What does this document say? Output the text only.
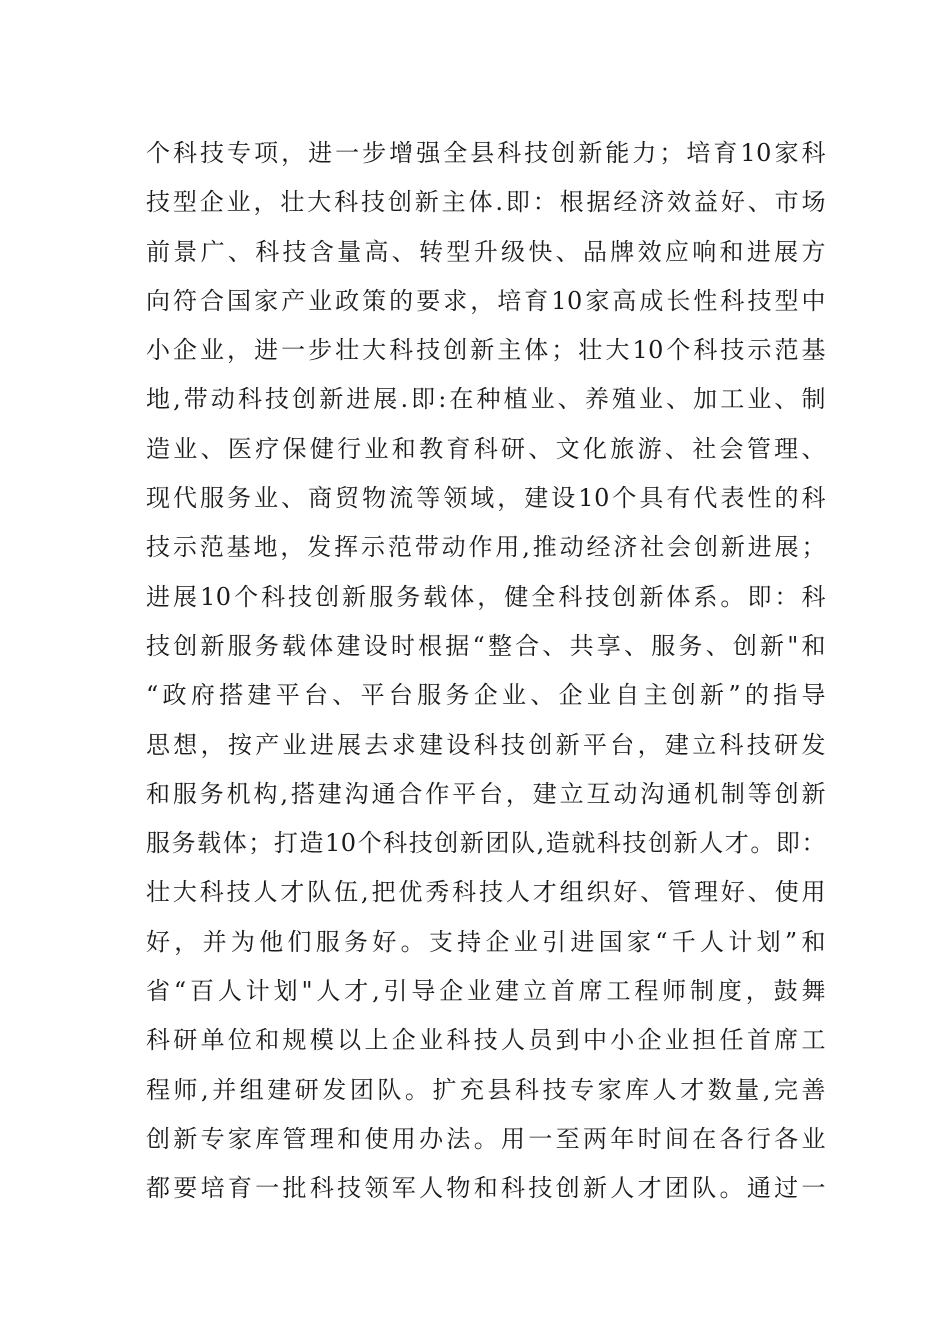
个科技专项，进一步增强全县科技创新能力；培育10家科
技型企业，壮大科技创新主体.即：根据经济效益好、市场
前景广、科技含量高、转型升级快、品牌效应响和进展方
向符合国家产业政策的要求，培育10家高成长性科技型中
小企业，进一步壮大科技创新主体；壮大10个科技示范基
地,带动科技创新进展.即:在种植业、养殖业、加工业、制
造业、医疗保健行业和教育科研、文化旅游、社会管理、
现代服务业、商贸物流等领域，建设10个具有代表性的科
技示范基地，发挥示范带动作用,推动经济社会创新进展；
进展10个科技创新服务载体，健全科技创新体系。即：科
技创新服务载体建设时根据“整合、共享、服务、创新"和
“政府搭建平台、平台服务企业、企业自主创新”的指导
思想，按产业进展去求建设科技创新平台，建立科技研发
和服务机构,搭建沟通合作平台，建立互动沟通机制等创新
服务载体；打造10个科技创新团队,造就科技创新人才。即：
壮大科技人才队伍,把优秀科技人才组织好、管理好、使用
好，并为他们服务好。支持企业引进国家“千人计划”和
省“百人计划"人才,引导企业建立首席工程师制度，鼓舞
科研单位和规模以上企业科技人员到中小企业担任首席工
程师,并组建研发团队。扩充县科技专家库人才数量,完善
创新专家库管理和使用办法。用一至两年时间在各行各业
都要培育一批科技领军人物和科技创新人才团队。通过一
